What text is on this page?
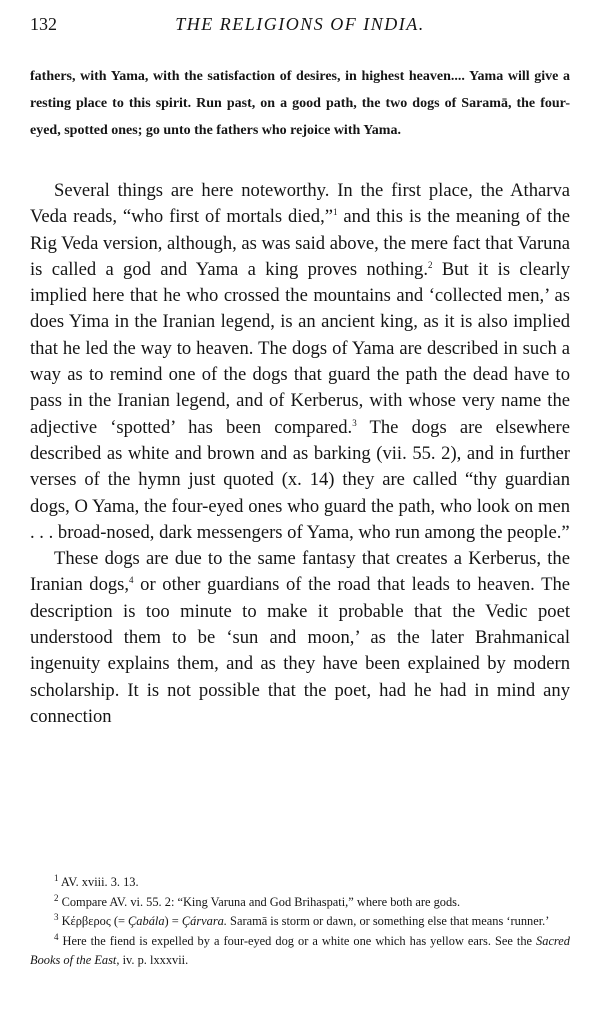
132	THE RELIGIONS OF INDIA.
fathers, with Yama, with the satisfaction of desires, in highest heaven.... Yama will give a resting place to this spirit. Run past, on a good path, the two dogs of Saramā, the four-eyed, spotted ones; go unto the fathers who rejoice with Yama.

Several things are here noteworthy. In the first place, the Atharva Veda reads, “who first of mortals died,”$^1$ and this is the meaning of the Rig Veda version, although, as was said above, the mere fact that Varuna is called a god and Yama a king proves nothing.$^2$ But it is clearly implied here that he who crossed the mountains and ‘collected men,’ as does Yima in the Iranian legend, is an ancient king, as it is also implied that he led the way to heaven. The dogs of Yama are described in such a way as to remind one of the dogs that guard the path the dead have to pass in the Iranian legend, and of Kerberus, with whose very name the adjective ‘spotted’ has been compared.$^3$ The dogs are elsewhere described as white and brown and as barking (vii. 55. 2), and in further verses of the hymn just quoted (x. 14) they are called “thy guardian dogs, O Yama, the four-eyed ones who guard the path, who look on men . . . broad-nosed, dark messengers of Yama, who run among the people.”

These dogs are due to the same fantasy that creates a Kerberus, the Iranian dogs,$^4$ or other guardians of the road that leads to heaven. The description is too minute to make it probable that the Vedic poet understood them to be ‘sun and moon,’ as the later Brahmanical ingenuity explains them, and as they have been explained by modern scholarship. It is not possible that the poet, had he had in mind any connection

$^1$ AV. xviii. 3. 13.

$^2$ Compare AV. vi. 55. 2: “King Varuna and God Brihaspati,” where both are gods.

$^3$ Κέρβερος (= Çabála) = Çárvara. Saramā is storm or dawn, or something else that means ‘runner.’

$^4$ Here the fiend is expelled by a four-eyed dog or a white one which has yellow ears. See the Sacred Books of the East, iv. p. lxxxvii.
